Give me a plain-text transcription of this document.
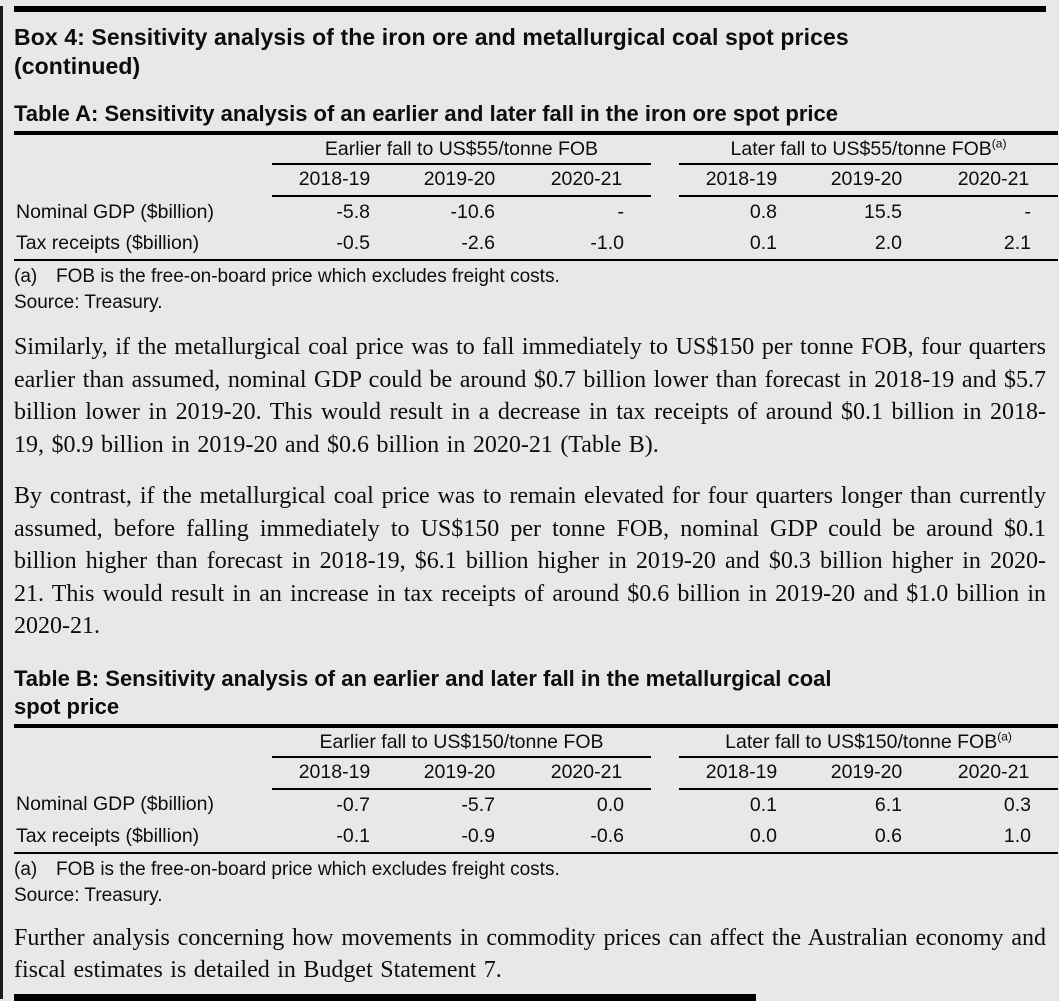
Box 4: Sensitivity analysis of the iron ore and metallurgical coal spot prices
(continued)
Table A: Sensitivity analysis of an earlier and later fall in the iron ore spot price
	Earlier fall to US$55/tonne FOB				Later fall to US$55/tonne FOB$^{(a)}$
	2018-19	2019-20	2020-21		2018-19	2019-20	2020-21
Nominal GDP ($billion)	-5.8	-10.6	-		0.8	15.5	-
Tax receipts ($billion)	-0.5	-2.6	-1.0		0.1	2.0	2.1
(a) FOB is the free-on-board price which excludes freight costs.
Source: Treasury.

Similarly, if the metallurgical coal price was to fall immediately to US$150 per tonne FOB, four quarters earlier than assumed, nominal GDP could be around $0.7 billion lower than forecast in 2018-19 and $5.7 billion lower in 2019-20. This would result in a decrease in tax receipts of around $0.1 billion in 2018-19, $0.9 billion in 2019-20 and $0.6 billion in 2020-21 (Table B).

By contrast, if the metallurgical coal price was to remain elevated for four quarters longer than currently assumed, before falling immediately to US$150 per tonne FOB, nominal GDP could be around $0.1 billion higher than forecast in 2018-19, $6.1 billion higher in 2019-20 and $0.3 billion higher in 2020-21. This would result in an increase in tax receipts of around $0.6 billion in 2019-20 and $1.0 billion in 2020-21.

Table B: Sensitivity analysis of an earlier and later fall in the metallurgical coal
spot price
	Earlier fall to US$150/tonne FOB				Later fall to US$150/tonne FOB$^{(a)}$
	2018-19	2019-20	2020-21		2018-19	2019-20	2020-21
Nominal GDP ($billion)	-0.7	-5.7	0.0		0.1	6.1	0.3
Tax receipts ($billion)	-0.1	-0.9	-0.6		0.0	0.6	1.0
(a) FOB is the free-on-board price which excludes freight costs.
Source: Treasury.

Further analysis concerning how movements in commodity prices can affect the Australian economy and fiscal estimates is detailed in Budget Statement 7.
